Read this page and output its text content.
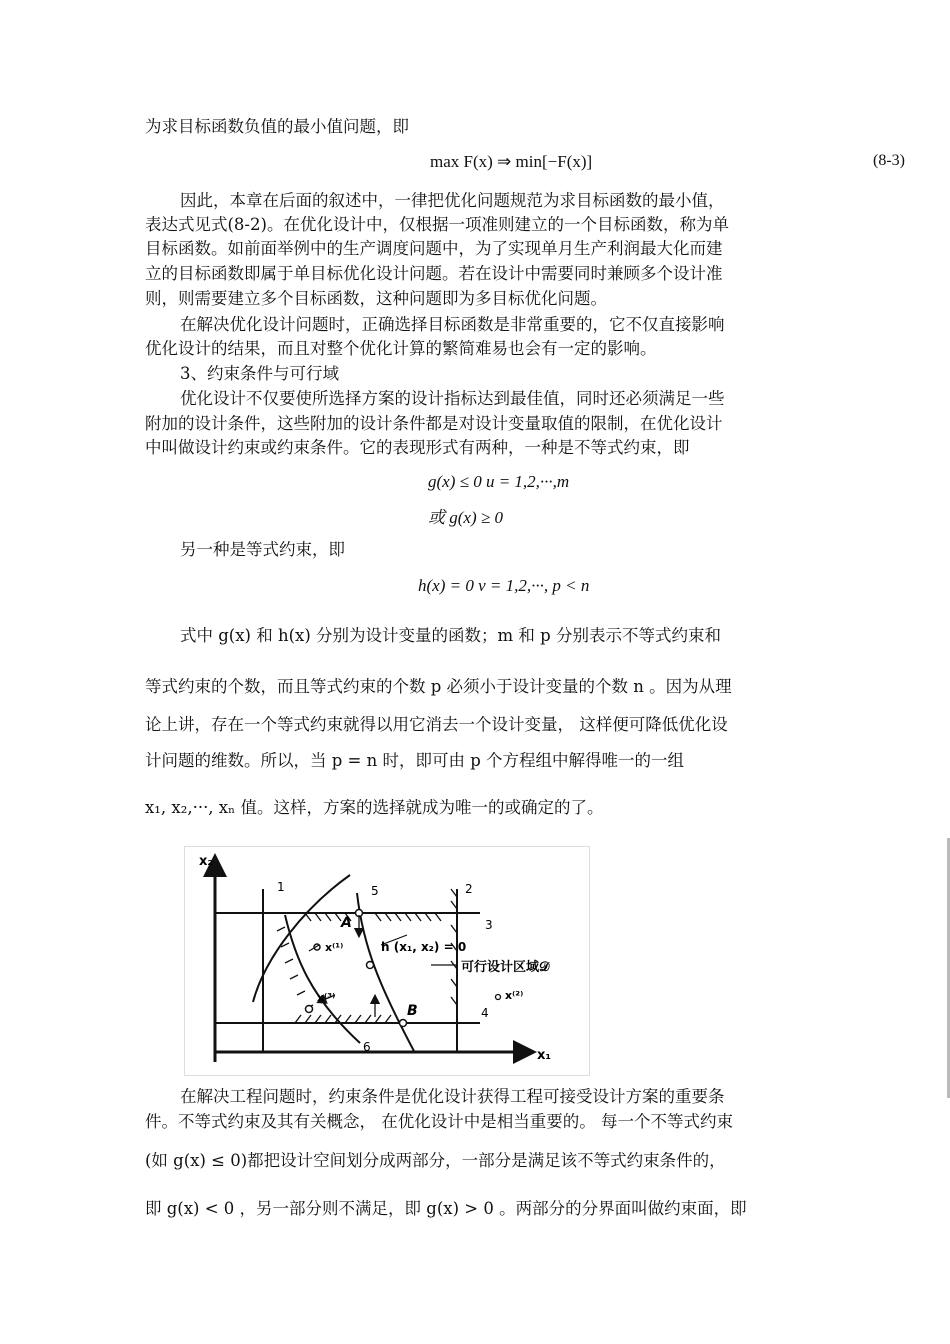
为求目标函数负值的最小值问题，即
max F(x) ⇒ min[−F(x)]	(8-3)
因此，本章在后面的叙述中，一律把优化问题规范为求目标函数的最小值，
表达式见式(8-2)。在优化设计中，仅根据一项准则建立的一个目标函数，称为单
目标函数。如前面举例中的生产调度问题中，为了实现单月生产利润最大化而建
立的目标函数即属于单目标优化设计问题。若在设计中需要同时兼顾多个设计准
则，则需要建立多个目标函数，这种问题即为多目标优化问题。
在解决优化设计问题时，正确选择目标函数是非常重要的，它不仅直接影响
优化设计的结果，而且对整个优化计算的繁简难易也会有一定的影响。
3、约束条件与可行域
优化设计不仅要使所选择方案的设计指标达到最佳值，同时还必须满足一些
附加的设计条件，这些附加的设计条件都是对设计变量取值的限制，在优化设计
中叫做设计约束或约束条件。它的表现形式有两种，一种是不等式约束，即
g(x) ≤ 0 u = 1,2,···,m
或 g(x) ≥ 0
另一种是等式约束，即
h(x) = 0 v = 1,2,···, p < n
式中 g(x) 和 h(x) 分别为设计变量的函数；m 和 p 分别表示不等式约束和
等式约束的个数，而且等式约束的个数 p 必须小于设计变量的个数 n 。因为从理
论上讲，存在一个等式约束就得以用它消去一个设计变量， 这样便可降低优化设
计问题的维数。所以，当 p = n 时，即可由 p 个方程组中解得唯一的一组
x₁, x₂,···, xₙ 值。这样，方案的选择就成为唯一的或确定的了。
x₂
x₁
1	2
3
4
5
6
A
B
x⁽¹⁾
x⁽³⁾	x⁽²⁾
h (x₁, x₂) = 0
可行设计区域𝒟
在解决工程问题时，约束条件是优化设计获得工程可接受设计方案的重要条
件。不等式约束及其有关概念， 在优化设计中是相当重要的。 每一个不等式约束
(如 g(x) ≤ 0)都把设计空间划分成两部分，一部分是满足该不等式约束条件的，
即 g(x) < 0 ，另一部分则不满足，即 g(x) > 0 。两部分的分界面叫做约束面，即
